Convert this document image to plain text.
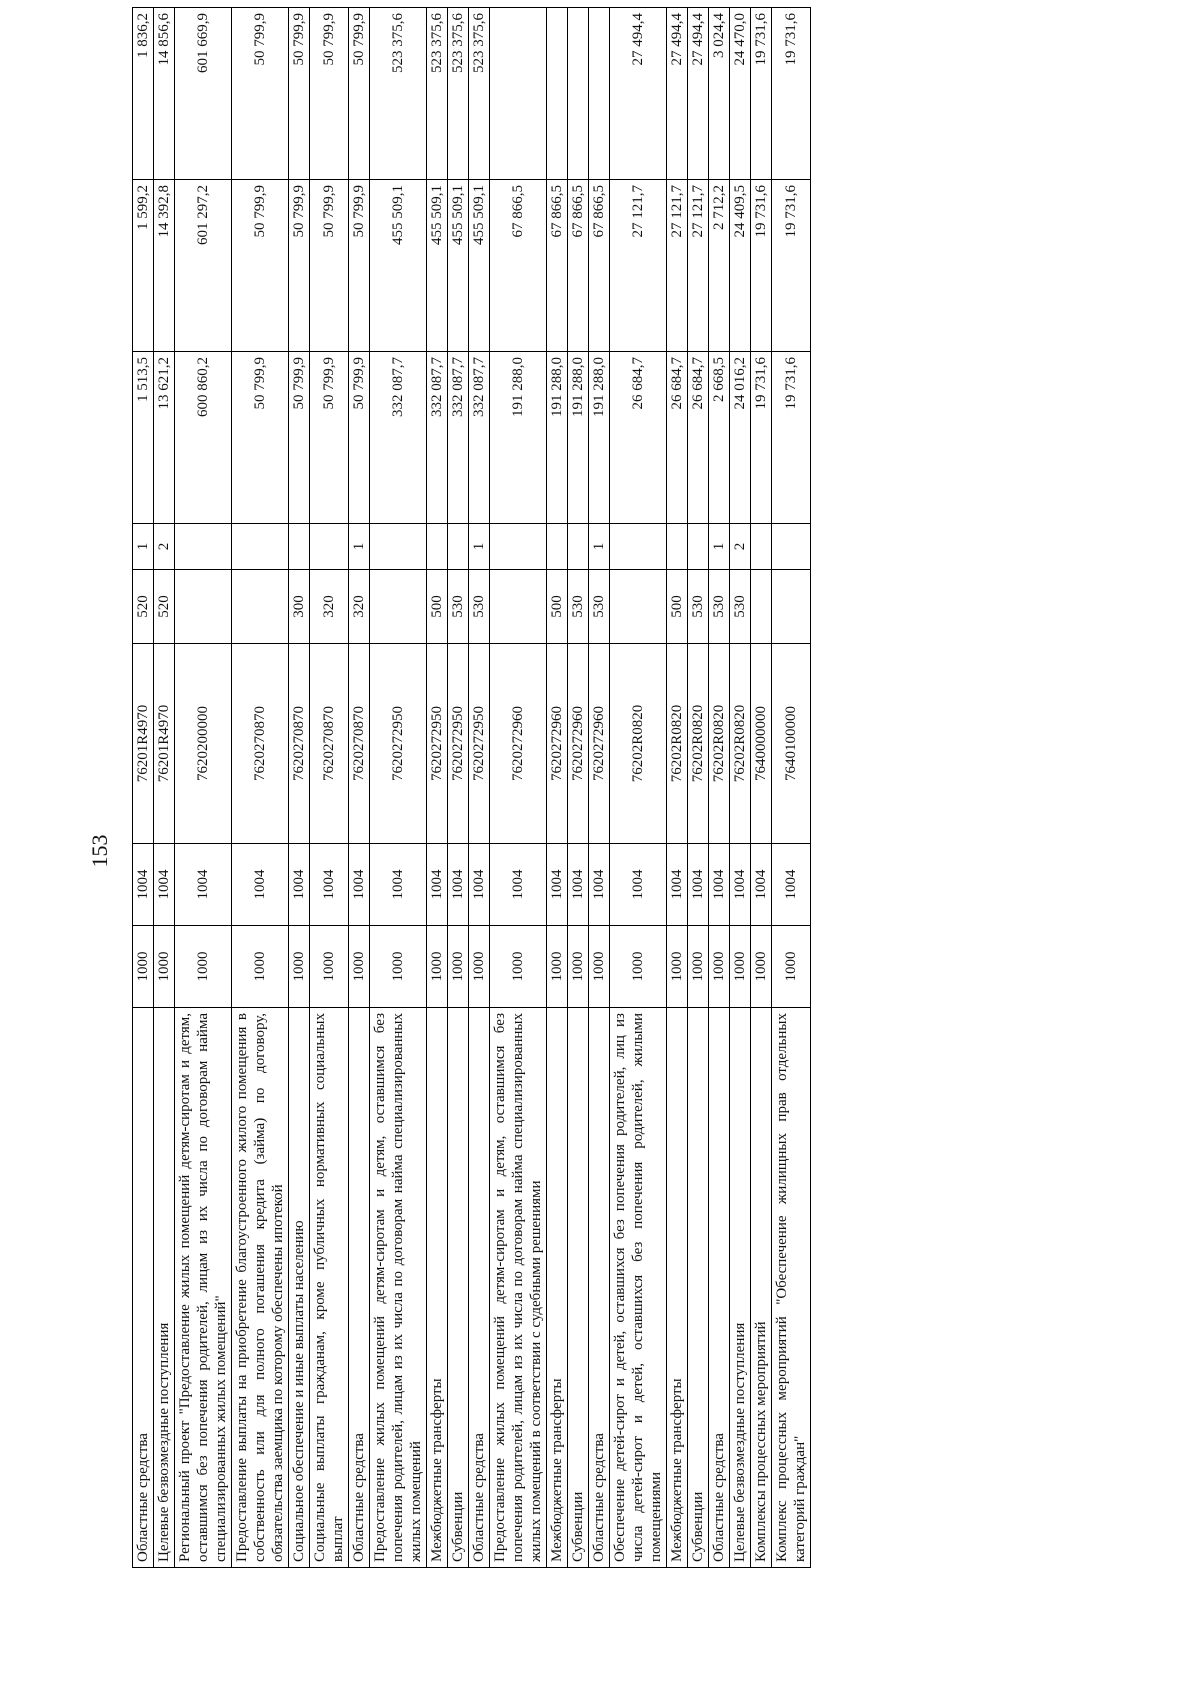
153
Областные средства	1000	1004	76201R4970	520	1	1 513,5	1 599,2	1 836,2
Целевые безвозмездные поступления	1000	1004	76201R4970	520	2	13 621,2	14 392,8	14 856,6
Региональный проект "Предоставление жилых помещений детям-сиротам и детям, оставшимся без попечения родителей, лицам из их числа по договорам найма специализированных жилых помещений"	1000	1004	7620200000			600 860,2	601 297,2	601 669,9
Предоставление выплаты на приобретение благоустроенного жилого помещения в собственность или для полного погашения кредита (займа) по договору, обязательства заемщика по которому обеспечены ипотекой	1000	1004	7620270870			50 799,9	50 799,9	50 799,9
Социальное обеспечение и иные выплаты населению	1000	1004	7620270870	300		50 799,9	50 799,9	50 799,9
Социальные выплаты гражданам, кроме публичных нормативных социальных выплат	1000	1004	7620270870	320		50 799,9	50 799,9	50 799,9
Областные средства	1000	1004	7620270870	320	1	50 799,9	50 799,9	50 799,9
Предоставление жилых помещений детям-сиротам и детям, оставшимся без попечения родителей, лицам из их числа по договорам найма специализированных жилых помещений	1000	1004	7620272950			332 087,7	455 509,1	523 375,6
Межбюджетные трансферты	1000	1004	7620272950	500		332 087,7	455 509,1	523 375,6
Субвенции	1000	1004	7620272950	530		332 087,7	455 509,1	523 375,6
Областные средства	1000	1004	7620272950	530	1	332 087,7	455 509,1	523 375,6
Предоставление жилых помещений детям-сиротам и детям, оставшимся без попечения родителей, лицам из их числа по договорам найма специализированных жилых помещений в соответствии с судебными решениями	1000	1004	7620272960			191 288,0	67 866,5	
Межбюджетные трансферты	1000	1004	7620272960	500		191 288,0	67 866,5	
Субвенции	1000	1004	7620272960	530		191 288,0	67 866,5	
Областные средства	1000	1004	7620272960	530	1	191 288,0	67 866,5	
Обеспечение детей-сирот и детей, оставшихся без попечения родителей, лиц из числа детей-сирот и детей, оставшихся без попечения родителей, жилыми помещениями	1000	1004	76202R0820			26 684,7	27 121,7	27 494,4
Межбюджетные трансферты	1000	1004	76202R0820	500		26 684,7	27 121,7	27 494,4
Субвенции	1000	1004	76202R0820	530		26 684,7	27 121,7	27 494,4
Областные средства	1000	1004	76202R0820	530	1	2 668,5	2 712,2	3 024,4
Целевые безвозмездные поступления	1000	1004	76202R0820	530	2	24 016,2	24 409,5	24 470,0
Комплексы процессных мероприятий	1000	1004	7640000000			19 731,6	19 731,6	19 731,6
Комплекс процессных мероприятий "Обеспечение жилищных прав отдельных категорий граждан"	1000	1004	7640100000			19 731,6	19 731,6	19 731,6
